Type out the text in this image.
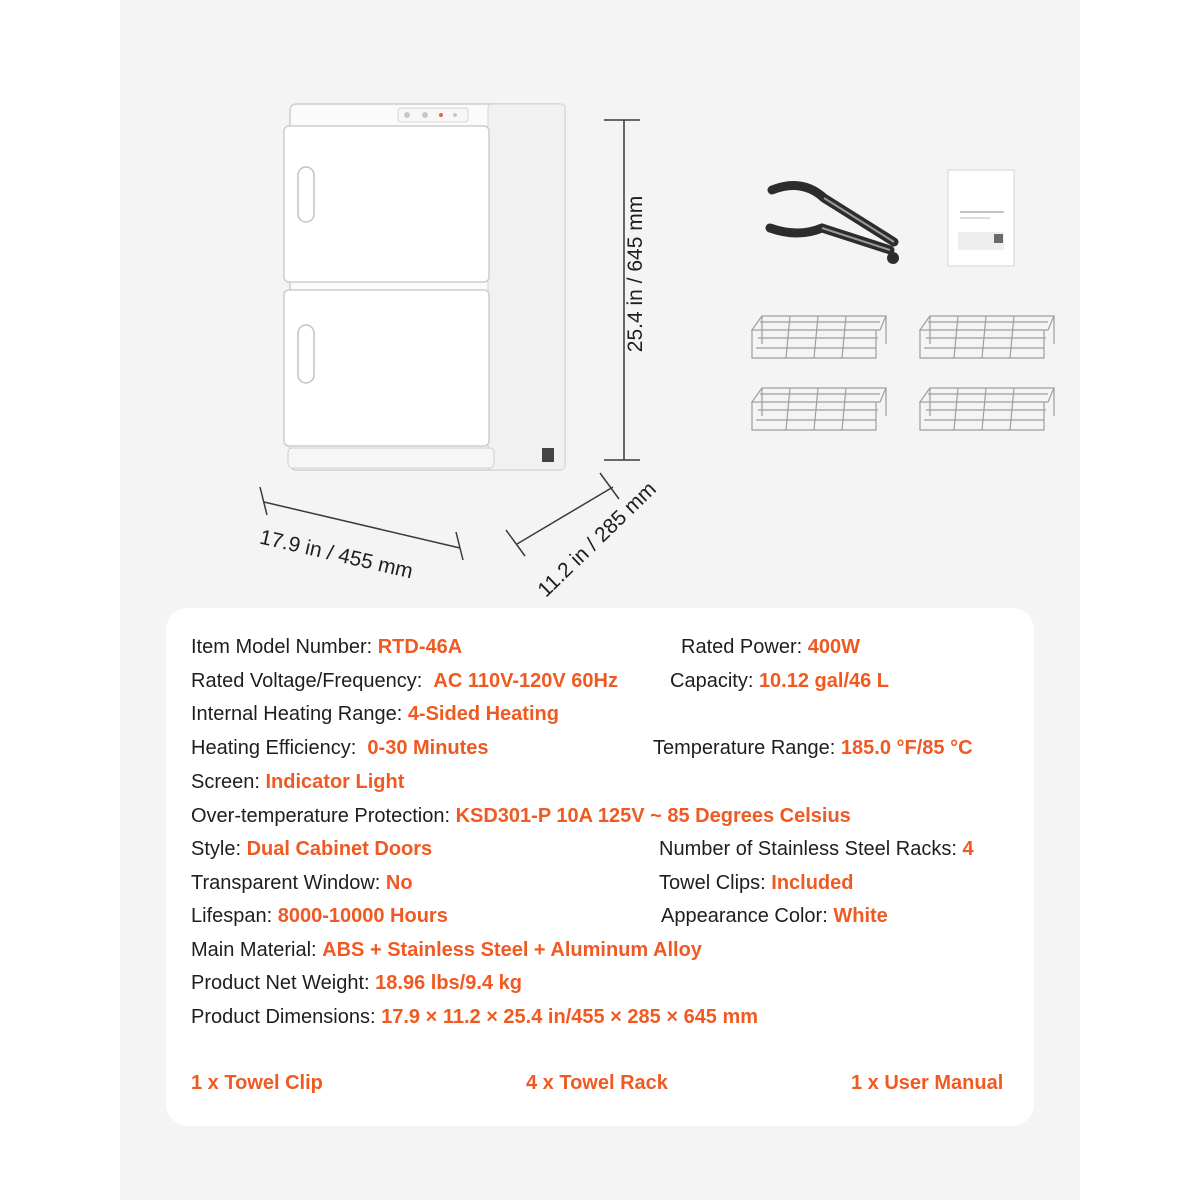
17.9 in / 455 mm	11.2 in / 285 mm
25.4 in / 645 mm
Item Model Number: RTD-46A	Rated Power: 400W
Rated Voltage/Frequency: AC 110V-120V 60Hz	Capacity: 10.12 gal/46 L
Internal Heating Range: 4-Sided Heating
Heating Efficiency: 0-30 Minutes	Temperature Range: 185.0 °F/85 °C
Screen: Indicator Light
Over-temperature Protection: KSD301-P 10A 125V ~ 85 Degrees Celsius
Style: Dual Cabinet Doors	Number of Stainless Steel Racks: 4
Transparent Window: No	Towel Clips: Included
Lifespan: 8000-10000 Hours	Appearance Color: White
Main Material: ABS + Stainless Steel + Aluminum Alloy
Product Net Weight: 18.96 lbs/9.4 kg
Product Dimensions: 17.9 × 11.2 × 25.4 in/455 × 285 × 645 mm
1 x Towel Clip	4 x Towel Rack	1 x User Manual
